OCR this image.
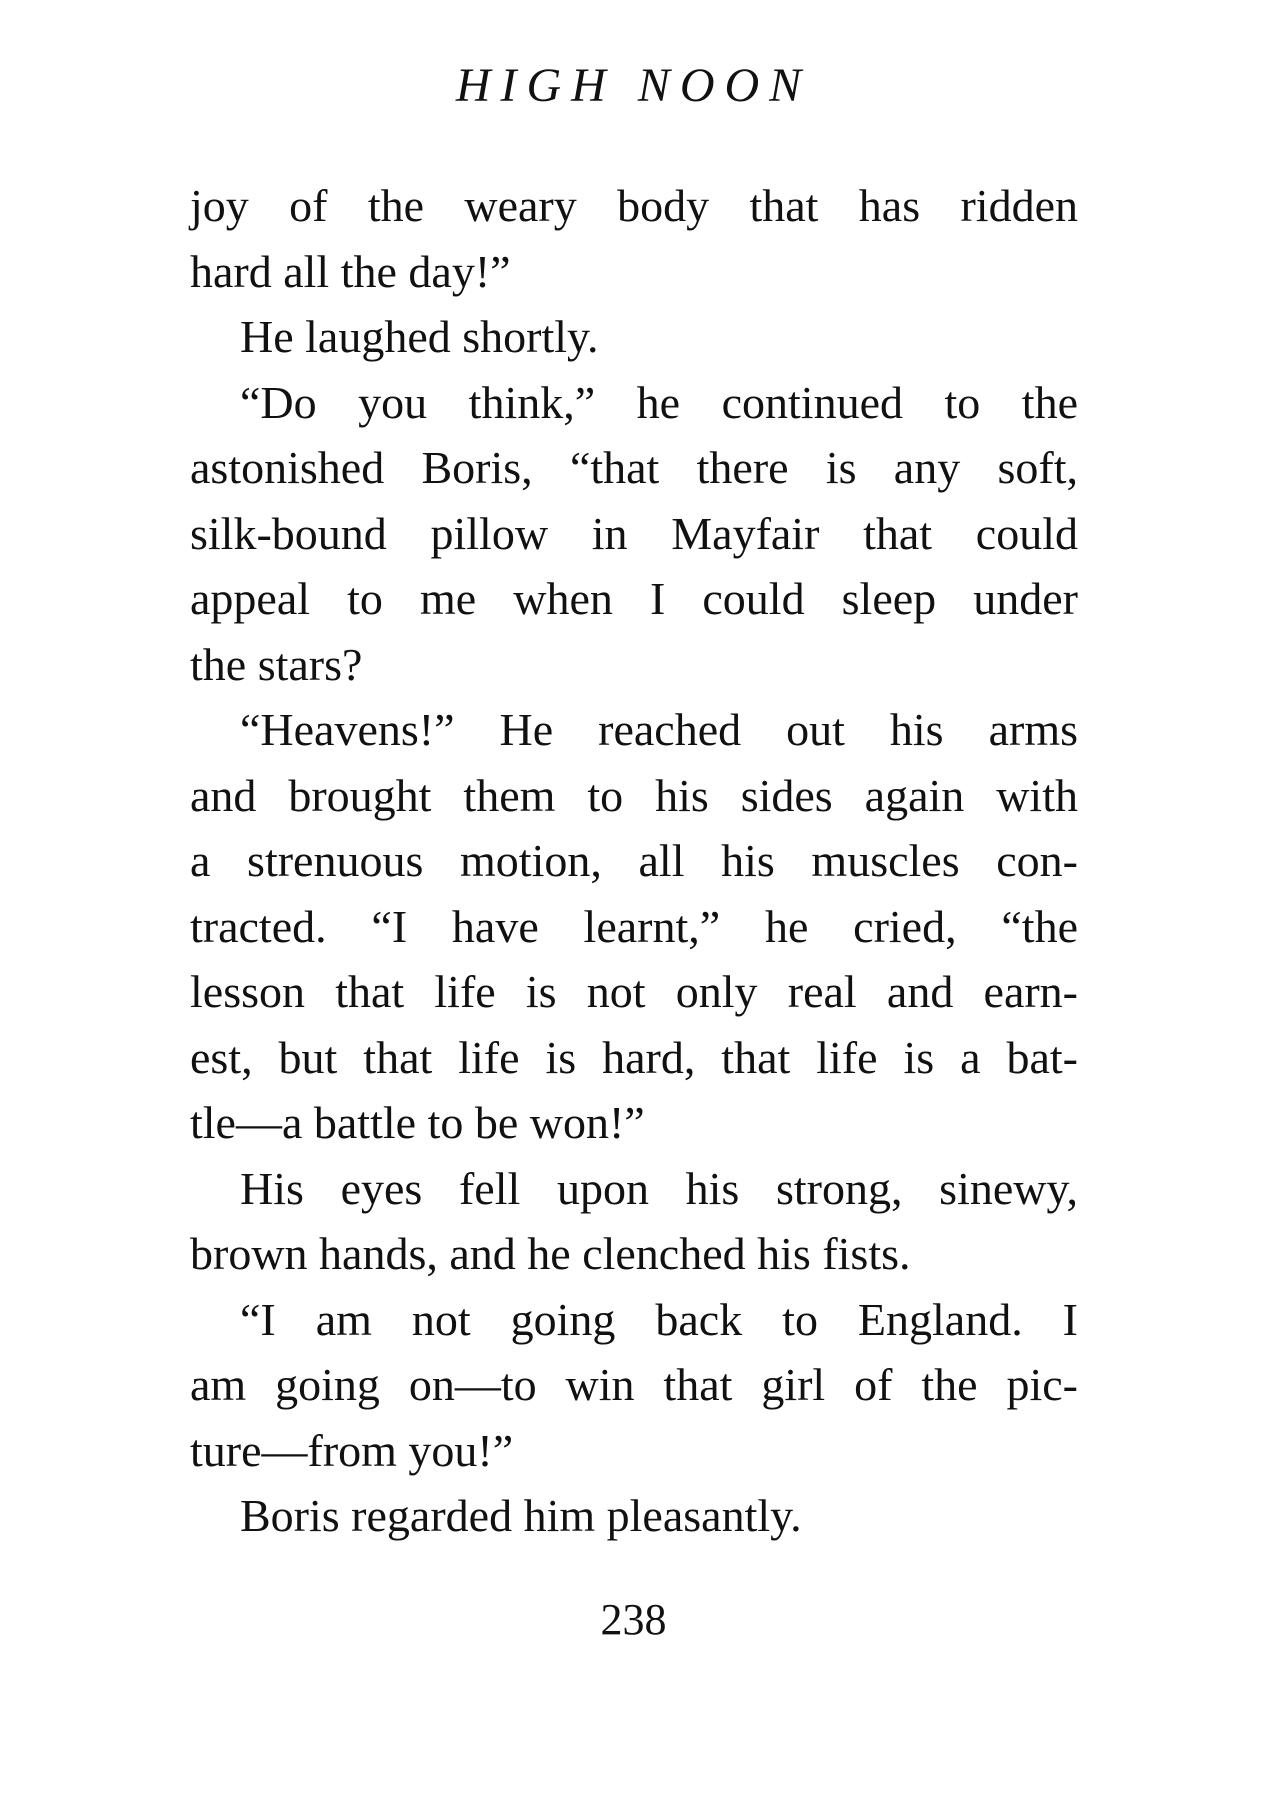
HIGH NOON
joy of the weary body that has ridden
hard all the day!”
He laughed shortly.
“Do you think,” he continued to the
astonished Boris, “that there is any soft,
silk-bound pillow in Mayfair that could
appeal to me when I could sleep under
the stars?
“Heavens!” He reached out his arms
and brought them to his sides again with
a strenuous motion, all his muscles con-
tracted. “I have learnt,” he cried, “the
lesson that life is not only real and earn-
est, but that life is hard, that life is a bat-
tle—a battle to be won!”
His eyes fell upon his strong, sinewy,
brown hands, and he clenched his fists.
“I am not going back to England. I
am going on—to win that girl of the pic-
ture—from you!”
Boris regarded him pleasantly.
238
